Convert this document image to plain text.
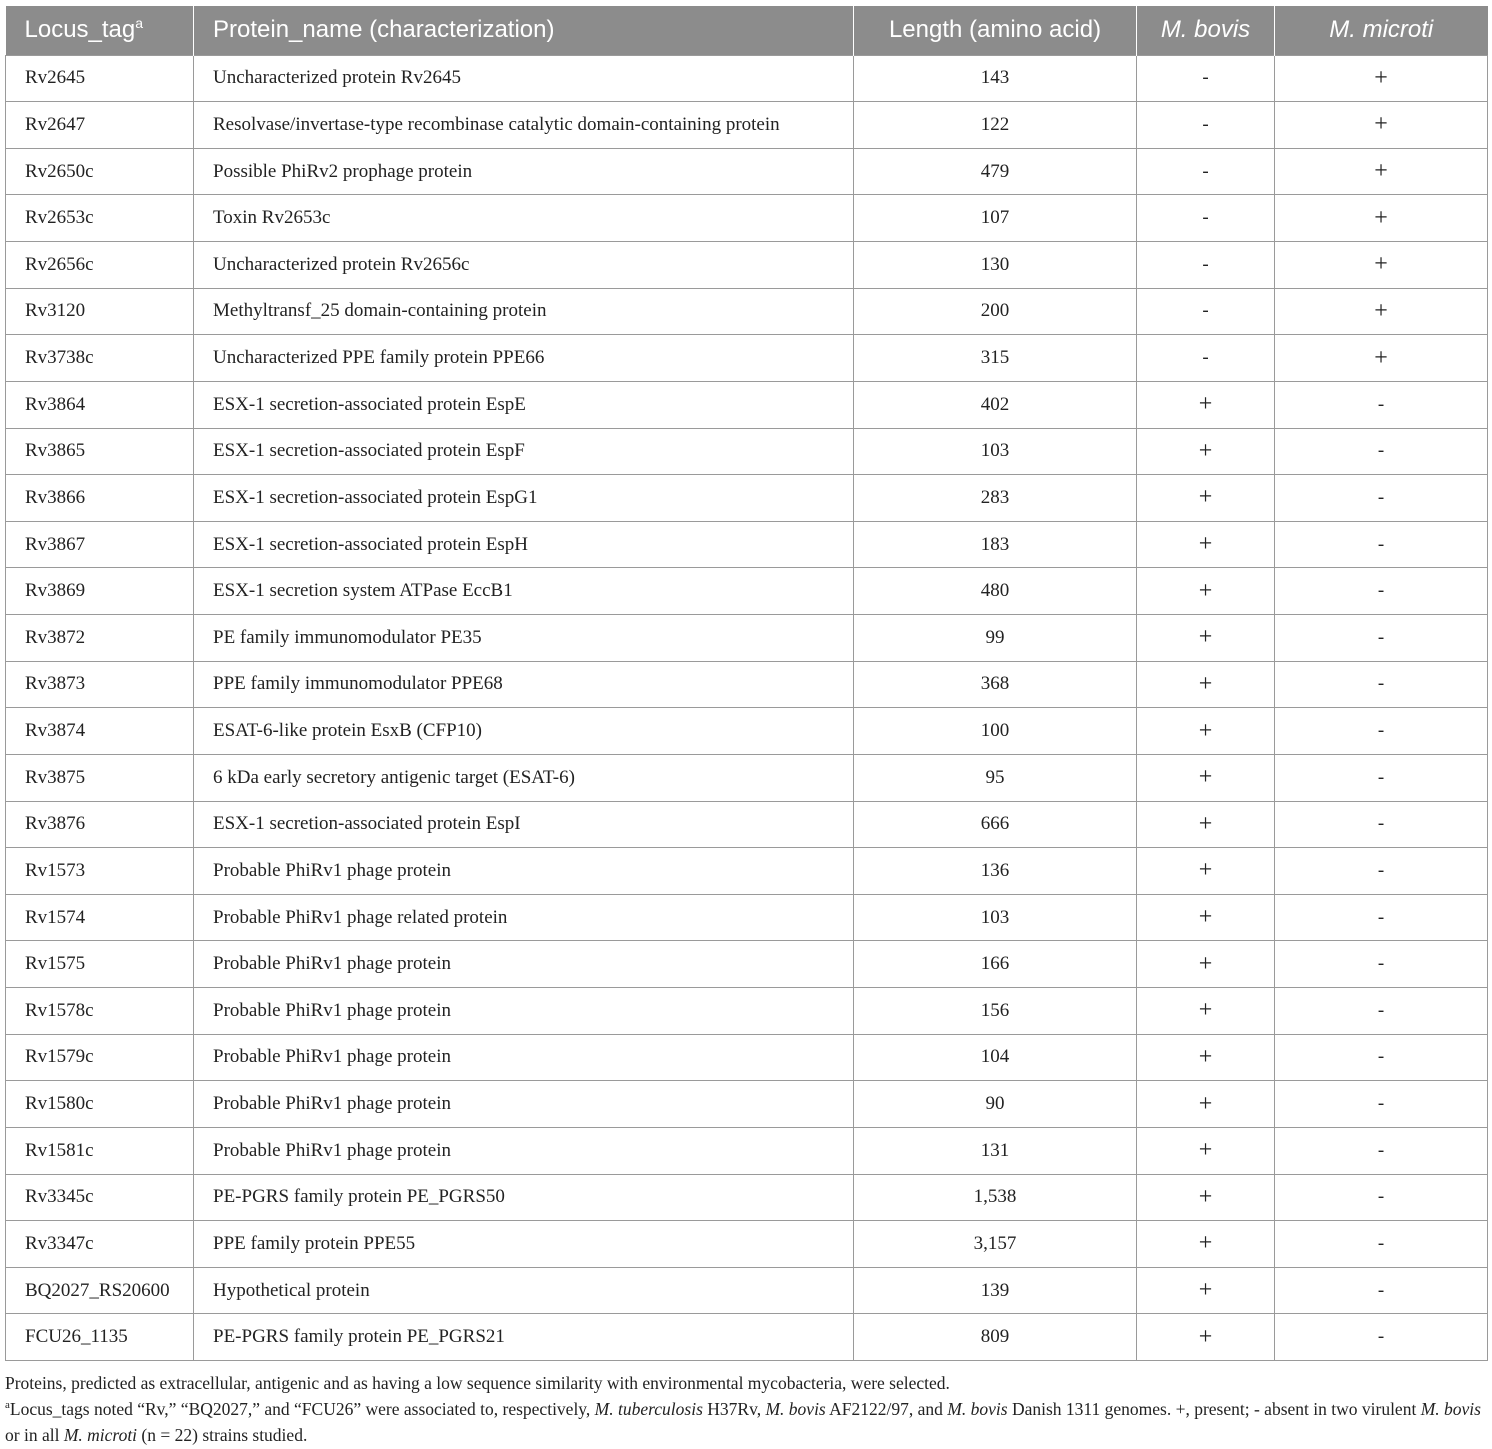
Locus_tag$^a$	Protein_name (characterization)	Length (amino acid)	M. bovis	M. microti
Rv2645	Uncharacterized protein Rv2645	143	-	+
Rv2647	Resolvase/invertase-type recombinase catalytic domain-containing protein	122	-	+
Rv2650c	Possible PhiRv2 prophage protein	479	-	+
Rv2653c	Toxin Rv2653c	107	-	+
Rv2656c	Uncharacterized protein Rv2656c	130	-	+
Rv3120	Methyltransf_25 domain-containing protein	200	-	+
Rv3738c	Uncharacterized PPE family protein PPE66	315	-	+
Rv3864	ESX-1 secretion-associated protein EspE	402	+	-
Rv3865	ESX-1 secretion-associated protein EspF	103	+	-
Rv3866	ESX-1 secretion-associated protein EspG1	283	+	-
Rv3867	ESX-1 secretion-associated protein EspH	183	+	-
Rv3869	ESX-1 secretion system ATPase EccB1	480	+	-
Rv3872	PE family immunomodulator PE35	99	+	-
Rv3873	PPE family immunomodulator PPE68	368	+	-
Rv3874	ESAT-6-like protein EsxB (CFP10)	100	+	-
Rv3875	6 kDa early secretory antigenic target (ESAT-6)	95	+	-
Rv3876	ESX-1 secretion-associated protein EspI	666	+	-
Rv1573	Probable PhiRv1 phage protein	136	+	-
Rv1574	Probable PhiRv1 phage related protein	103	+	-
Rv1575	Probable PhiRv1 phage protein	166	+	-
Rv1578c	Probable PhiRv1 phage protein	156	+	-
Rv1579c	Probable PhiRv1 phage protein	104	+	-
Rv1580c	Probable PhiRv1 phage protein	90	+	-
Rv1581c	Probable PhiRv1 phage protein	131	+	-
Rv3345c	PE-PGRS family protein PE_PGRS50	1,538	+	-
Rv3347c	PPE family protein PPE55	3,157	+	-
BQ2027_RS20600	Hypothetical protein	139	+	-
FCU26_1135	PE-PGRS family protein PE_PGRS21	809	+	-

Proteins, predicted as extracellular, antigenic and as having a low sequence similarity with environmental mycobacteria, were selected.

$^a$Locus_tags noted “Rv,” “BQ2027,” and “FCU26” were associated to, respectively, M. tuberculosis H37Rv, M. bovis AF2122/97, and M. bovis Danish 1311 genomes. +, present; - absent in two virulent M. bovis or in all M. microti (n = 22) strains studied.
